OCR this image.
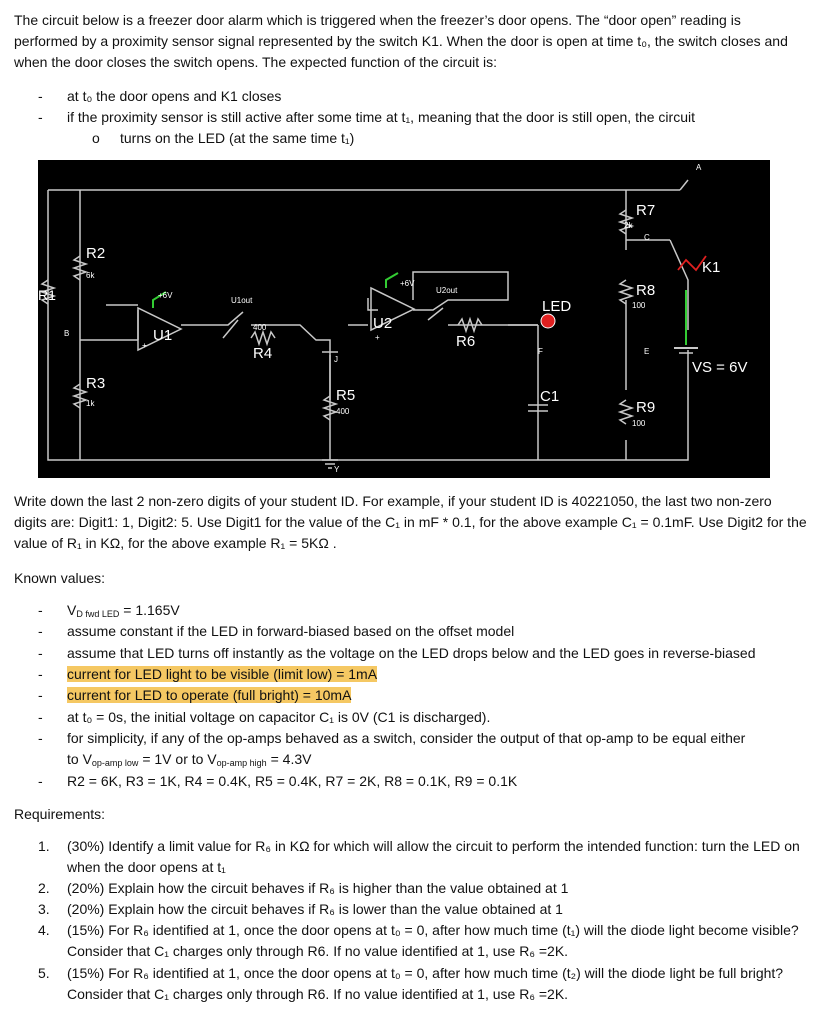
The circuit below is a freezer door alarm which is triggered when the freezer’s door opens. The “door open” reading is performed by a proximity sensor signal represented by the switch K1. When the door is open at time t₀, the switch closes and when the door closes the switch opens. The expected function of the circuit is:

- at t₀ the door opens and K1 closes
- if the proximity sensor is still active after some time at t₁, meaning that the door is still open, the circuit
o turns on the LED (at the same time t₁)
R1
R2
6k
R3
1k
R4
400
R5
400
R6
R7
2k
R8
100
R9
100
U1
U2
+6V
+6V
U1out
U2out
+
+
LED
C1
K1
VS = 6V
A
B
C
E
F
J
Y

Write down the last 2 non-zero digits of your student ID. For example, if your student ID is 40221050, the last two non-zero digits are: Digit1: 1, Digit2: 5. Use Digit1 for the value of the C₁ in mF * 0.1, for the above example C₁ = 0.1mF. Use Digit2 for the value of R₁ in KΩ, for the above example R₁ = 5KΩ .

Known values:

- $V_{D fwd LED} = 1.165V$
- assume constant if the LED in forward-biased based on the offset model
- assume that LED turns off instantly as the voltage on the LED drops below and the LED goes in reverse-biased
- current for LED light to be visible (limit low) = 1mA
- current for LED to operate (full bright) = 10mA
- at t₀ = 0s, the initial voltage on capacitor C₁ is 0V (C1 is discharged).
- for simplicity, if any of the op-amps behaved as a switch, consider the output of that op-amp to be equal either
to $V_{op-amp low} = 1V$ or to $V_{op-amp high} = 4.3V$
- R2 = 6K, R3 = 1K, R4 = 0.4K, R5 = 0.4K, R7 = 2K, R8 = 0.1K, R9 = 0.1K

Requirements:

1. (30%) Identify a limit value for R₆ in KΩ for which will allow the circuit to perform the intended function: turn the LED on when the door opens at t₁
2. (20%) Explain how the circuit behaves if R₆ is higher than the value obtained at 1
3. (20%) Explain how the circuit behaves if R₆ is lower than the value obtained at 1
4. (15%) For R₆ identified at 1, once the door opens at t₀ = 0, after how much time (t₁) will the diode light become visible? Consider that C₁ charges only through R6. If no value identified at 1, use R₆ =2K.
5. (15%) For R₆ identified at 1, once the door opens at t₀ = 0, after how much time (t₂) will the diode light be full bright? Consider that C₁ charges only through R6. If no value identified at 1, use R₆ =2K.
